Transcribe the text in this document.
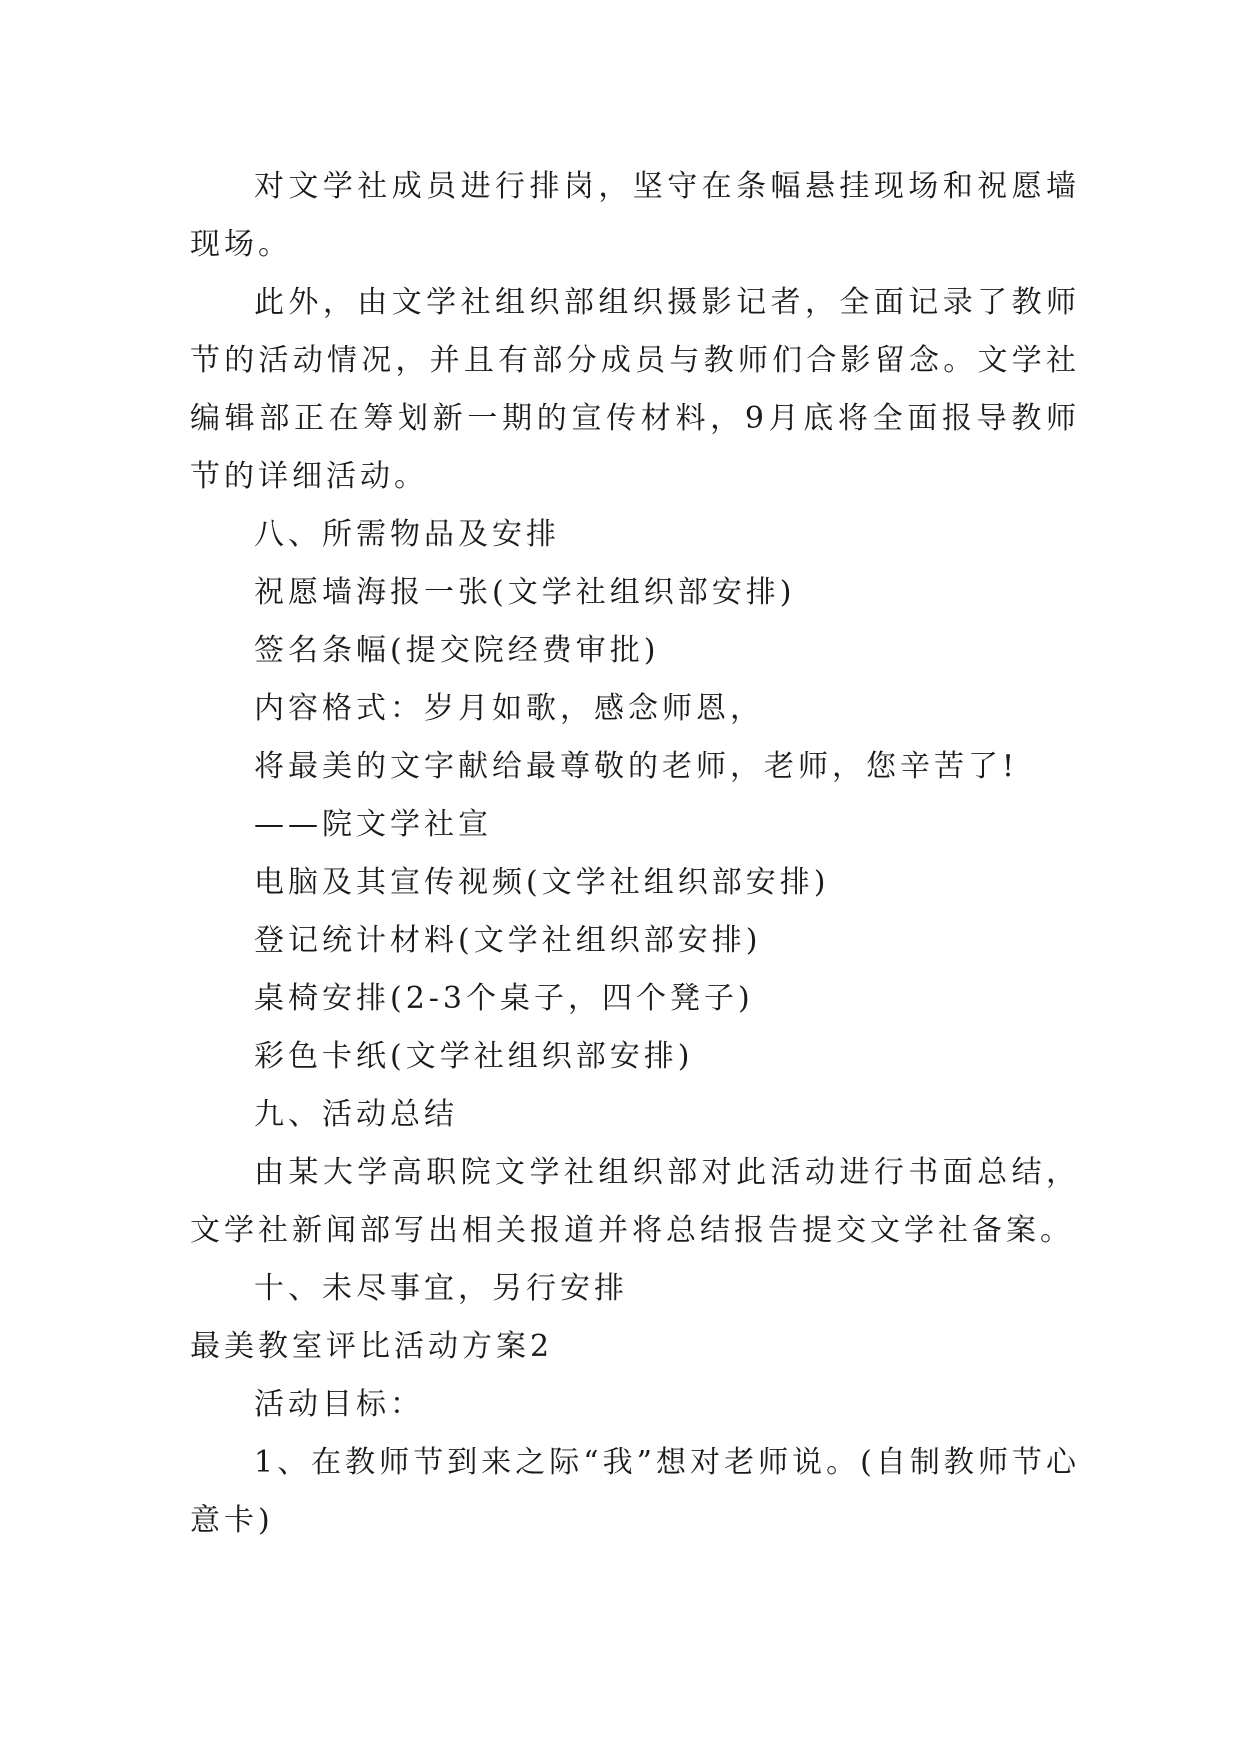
对文学社成员进行排岗，坚守在条幅悬挂现场和祝愿墙现场。

此外，由文学社组织部组织摄影记者，全面记录了教师节的活动情况，并且有部分成员与教师们合影留念。文学社编辑部正在筹划新一期的宣传材料，9月底将全面报导教师节的详细活动。

八、所需物品及安排

祝愿墙海报一张(文学社组织部安排)

签名条幅(提交院经费审批)

内容格式：岁月如歌，感念师恩，

将最美的文字献给最尊敬的老师，老师，您辛苦了!

——院文学社宣

电脑及其宣传视频(文学社组织部安排)

登记统计材料(文学社组织部安排)

桌椅安排(2-3个桌子，四个凳子)

彩色卡纸(文学社组织部安排)

九、活动总结

由某大学高职院文学社组织部对此活动进行书面总结，文学社新闻部写出相关报道并将总结报告提交文学社备案。

十、未尽事宜，另行安排

最美教室评比活动方案2

活动目标：

1、在教师节到来之际“我”想对老师说。(自制教师节心意卡)
